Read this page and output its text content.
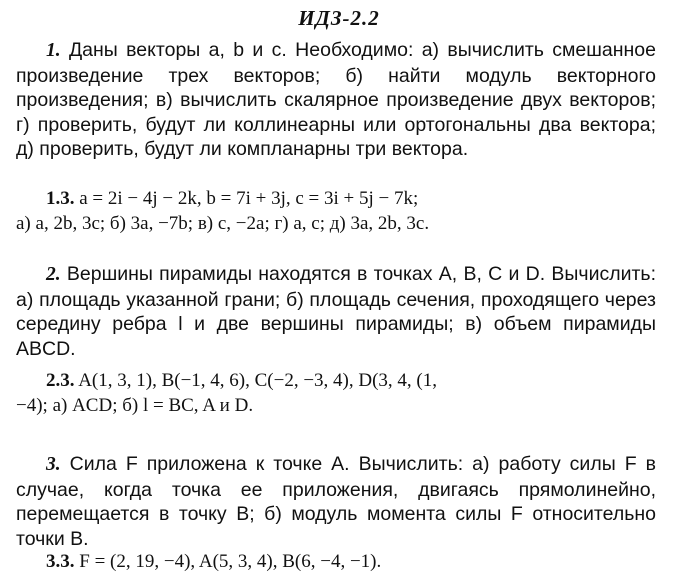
ИДЗ-2.2
1. Даны векторы a, b и c. Необходимо: а) вычислить смешанное произведение трех векторов; б) найти модуль векторного произведения; в) вычислить скалярное произведение двух векторов; г) проверить, будут ли коллинеарны или ортогональны два вектора; д) проверить, будут ли компланарны три вектора.
1.3. a = 2i − 4j − 2k, b = 7i + 3j, c = 3i + 5j − 7k;
а) a, 2b, 3c; б) 3a, −7b; в) c, −2a; г) a, c; д) 3a, 2b, 3c.
2. Вершины пирамиды находятся в точках A, B, C и D. Вычислить: а) площадь указанной грани; б) площадь сечения, проходящего через середину ребра l и две вершины пирамиды; в) объем пирамиды ABCD.
2.3. A(1, 3, 1), B(−1, 4, 6), C(−2, −3, 4), D(3, 4, (1,
−4); а) ACD; б) l = BC, A и D.
3. Сила F приложена к точке A. Вычислить: а) работу силы F в случае, когда точка ее приложения, двигаясь прямолинейно, перемещается в точку B; б) модуль момента силы F относительно точки B.
3.3. F = (2, 19, −4), A(5, 3, 4), B(6, −4, −1).
